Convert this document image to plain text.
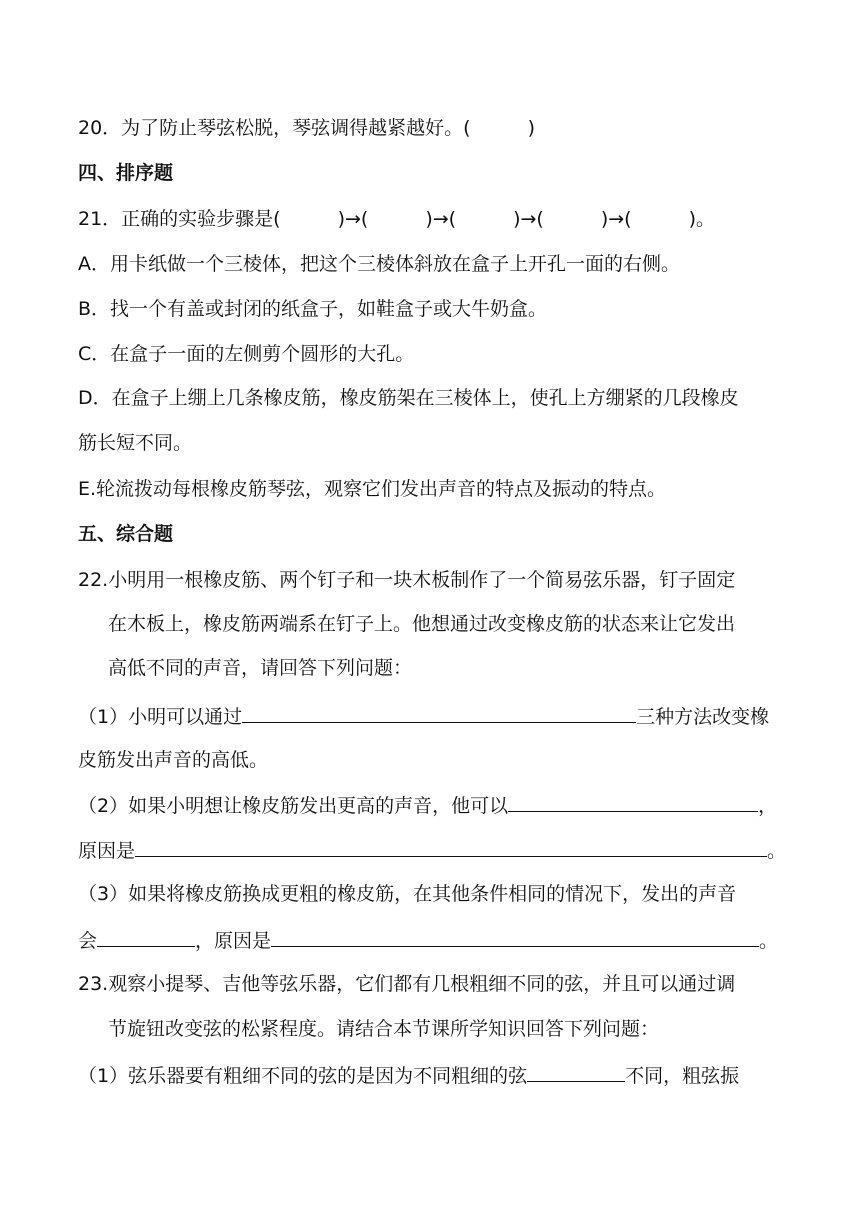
20．为了防止琴弦松脱，琴弦调得越紧越好。(　　　)
四、排序题
21．正确的实验步骤是(　　　)→(　　　)→(　　　)→(　　　)→(　　　)。
A．用卡纸做一个三棱体，把这个三棱体斜放在盒子上开孔一面的右侧。
B．找一个有盖或封闭的纸盒子，如鞋盒子或大牛奶盒。
C．在盒子一面的左侧剪个圆形的大孔。
D．在盒子上绷上几条橡皮筋，橡皮筋架在三棱体上，使孔上方绷紧的几段橡皮
筋长短不同。
E.轮流拨动每根橡皮筋琴弦，观察它们发出声音的特点及振动的特点。
五、综合题
22.小明用一根橡皮筋、两个钉子和一块木板制作了一个简易弦乐器，钉子固定
在木板上，橡皮筋两端系在钉子上。他想通过改变橡皮筋的状态来让它发出
高低不同的声音，请回答下列问题：
（1）小明可以通过	三种方法改变橡
皮筋发出声音的高低。
（2）如果小明想让橡皮筋发出更高的声音，他可以	，
原因是	。
（3）如果将橡皮筋换成更粗的橡皮筋，在其他条件相同的情况下，发出的声音
会	，原因是	。
23.观察小提琴、吉他等弦乐器，它们都有几根粗细不同的弦，并且可以通过调
节旋钮改变弦的松紧程度。请结合本节课所学知识回答下列问题：
（1）弦乐器要有粗细不同的弦的是因为不同粗细的弦	不同，粗弦振
